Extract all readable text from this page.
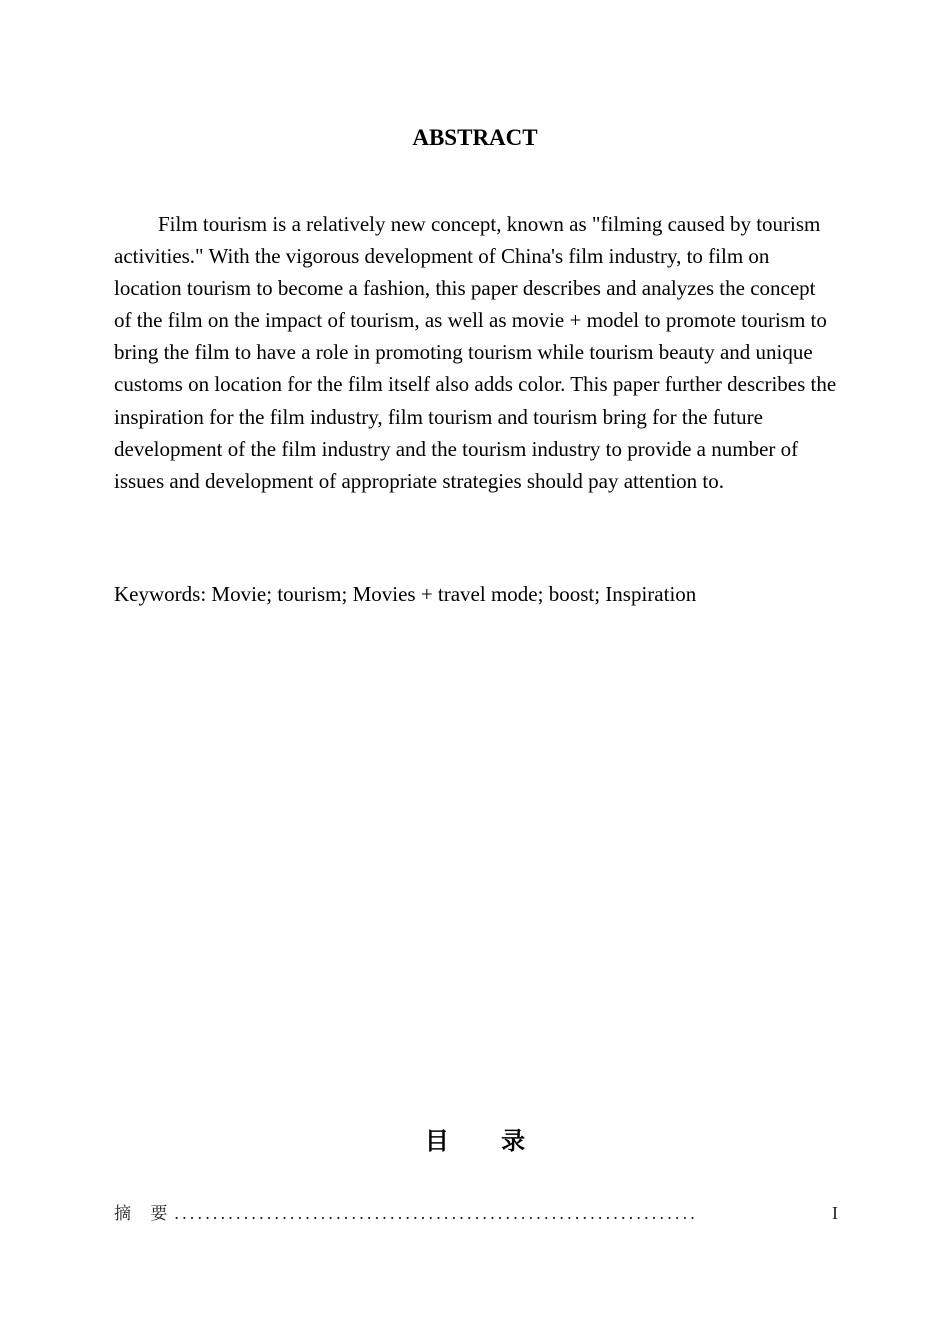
ABSTRACT

Film tourism is a relatively new concept, known as "filming caused by tourism activities." With the vigorous development of China's film industry, to film on location tourism to become a fashion, this paper describes and analyzes the concept of the film on the impact of tourism, as well as movie + model to promote tourism to bring the film to have a role in promoting tourism while tourism beauty and unique customs on location for the film itself also adds color. This paper further describes the inspiration for the film industry, film tourism and tourism bring for the future development of the film industry and the tourism industry to provide a number of issues and development of appropriate strategies should pay attention to.

Keywords: Movie; tourism; Movies + travel mode; boost; Inspiration

目 录
摘 要 ....................................................................	I
